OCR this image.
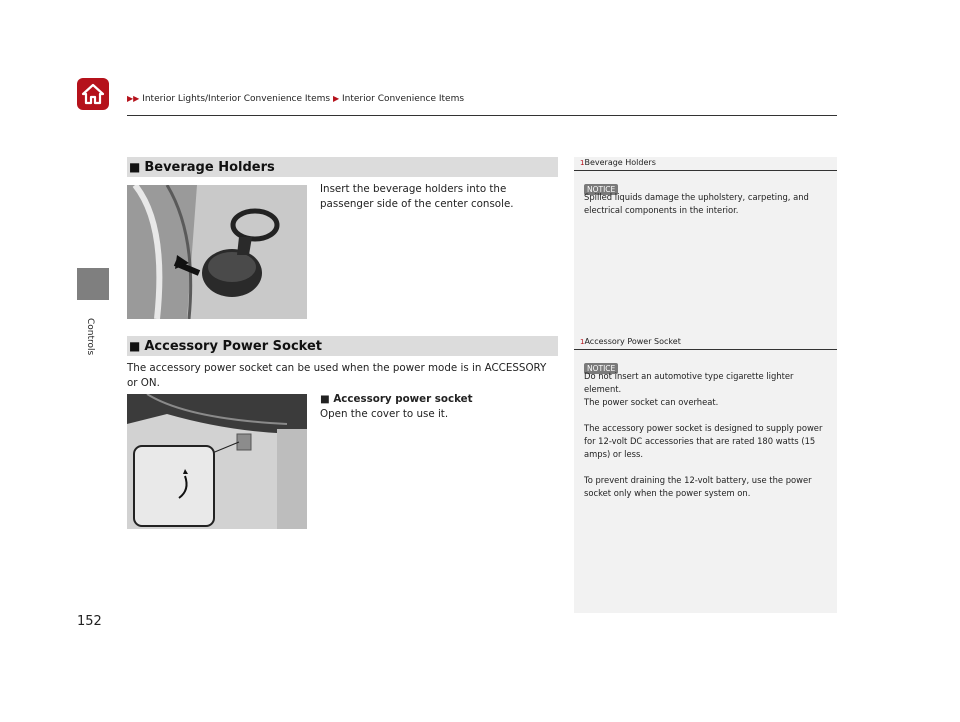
▶▶ Interior Lights/Interior Convenience Items ▶ Interior Convenience Items
Controls
■ Beverage Holders
Insert the beverage holders into the passenger side of the center console.
■ Accessory Power Socket
The accessory power socket can be used when the power mode is in ACCESSORY or ON.
■ Accessory power socket
Open the cover to use it.
1Beverage Holders
NOTICE
Spilled liquids damage the upholstery, carpeting, and electrical components in the interior.
1Accessory Power Socket
NOTICE
Do not insert an automotive type cigarette lighter element.
The power socket can overheat.
The accessory power socket is designed to supply power for 12-volt DC accessories that are rated 180 watts (15 amps) or less.
To prevent draining the 12-volt battery, use the power socket only when the power system on.
152
